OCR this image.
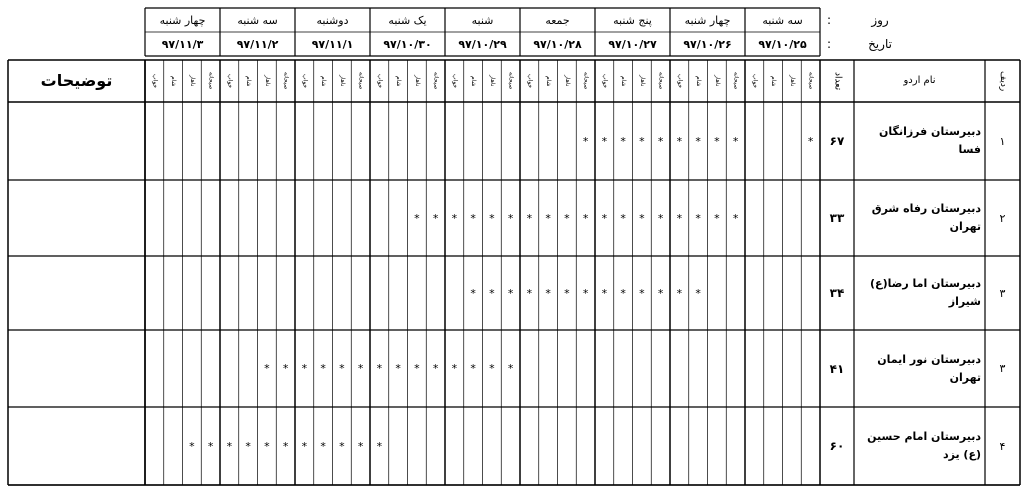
سه شنبه
۹۷/۱۰/۲۵
صبحانه
ناهار
شام
خواب
چهار شنبه
۹۷/۱۰/۲۶
صبحانه
ناهار
شام
خواب
پنج شنبه
۹۷/۱۰/۲۷
صبحانه
ناهار
شام
خواب
جمعه
۹۷/۱۰/۲۸
صبحانه
ناهار
شام
خواب
شنبه
۹۷/۱۰/۲۹
صبحانه
ناهار
شام
خواب
یک شنبه
۹۷/۱۰/۳۰
صبحانه
ناهار
شام
خواب
دوشنبه
۹۷/۱۱/۱
صبحانه
ناهار
شام
خواب
سه شنبه
۹۷/۱۱/۲
صبحانه
ناهار
شام
خواب
چهار شنبه
۹۷/۱۱/۳
صبحانه
ناهار
شام
خواب
روز
تاریخ
:
:
ردیف
نام اردو
تعداد
توضیحات
۱
دبیرستان فرزانگان فسا
۶۷
*
*
*
*
*
*
*
*
*
*
۲
دبیرستان رفاه شرق تهران
۳۳
*
*
*
*
*
*
*
*
*
*
*
*
*
*
*
*
*
*
۳
دبیرستان اما رضا(ع) شیراز
۳۴
*
*
*
*
*
*
*
*
*
*
*
*
*
۳
دبیرستان نور ایمان تهران
۴۱
*
*
*
*
*
*
*
*
*
*
*
*
*
*
۴
دبیرستان امام حسین (ع) یزد
۶۰
*
*
*
*
*
*
*
*
*
*
*
